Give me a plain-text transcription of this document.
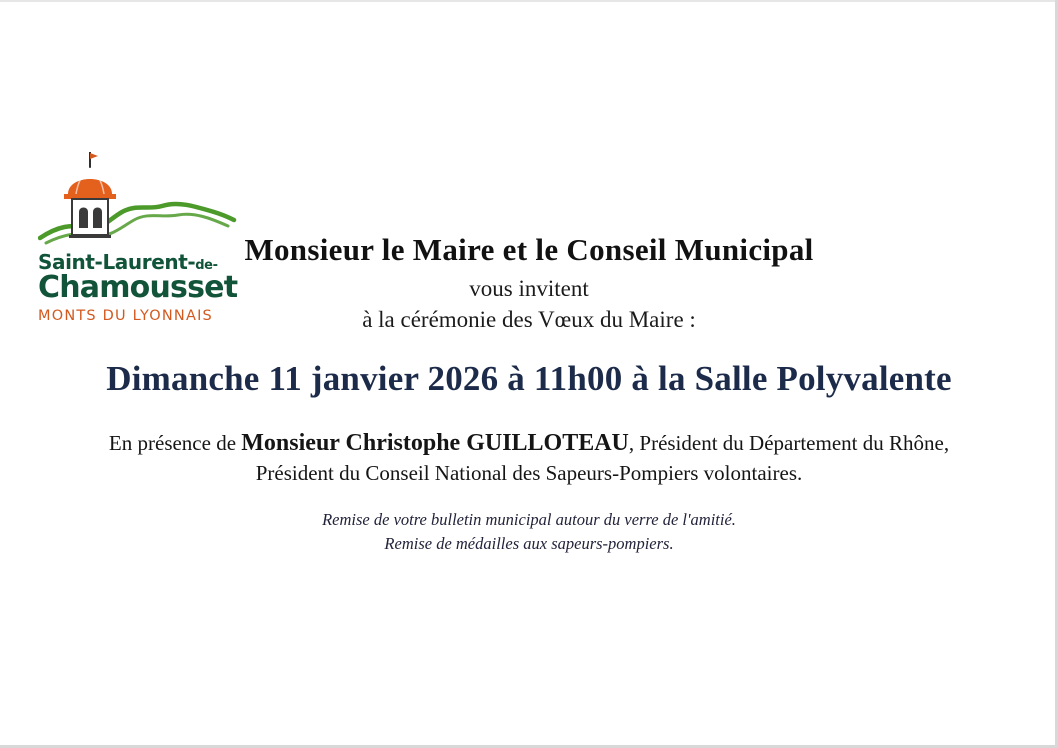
Saint-Laurent-de-
Chamousset
MONTS DU LYONNAIS
Monsieur le Maire et le Conseil Municipal
vous invitent
à la cérémonie des Vœux du Maire :
Dimanche 11 janvier 2026 à 11h00 à la Salle Polyvalente
En présence de Monsieur Christophe GUILLOTEAU, Président du Département du Rhône,
Président du Conseil National des Sapeurs-Pompiers volontaires.
Remise de votre bulletin municipal autour du verre de l'amitié.
Remise de médailles aux sapeurs-pompiers.
